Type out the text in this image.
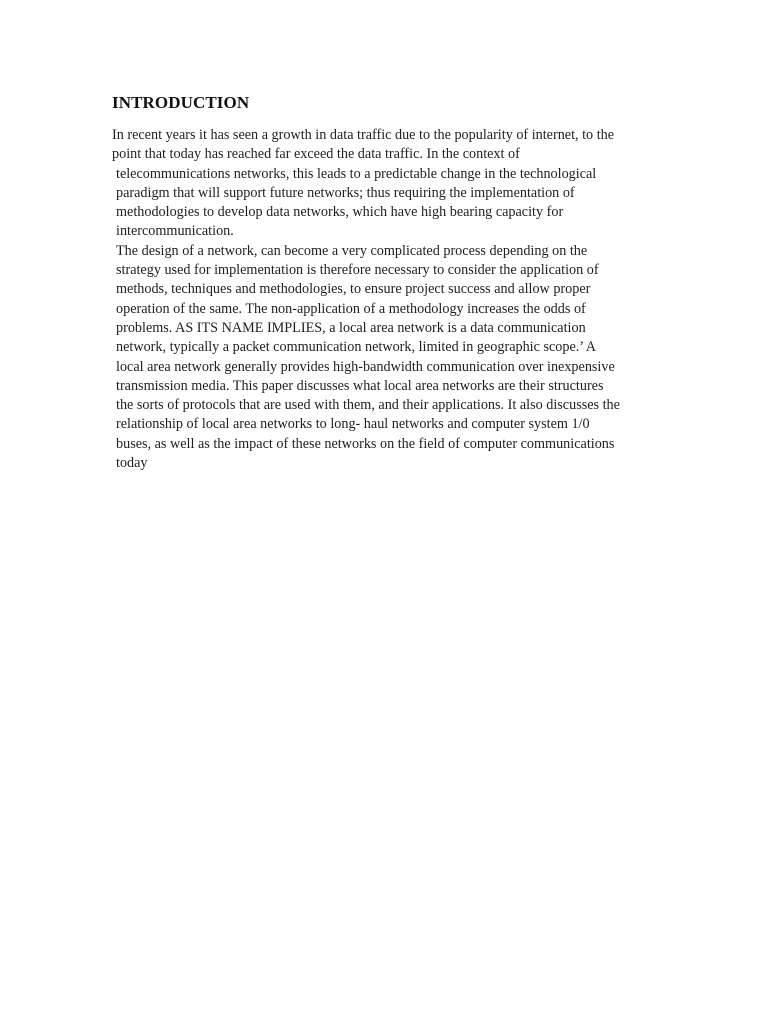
INTRODUCTION
In recent years it has seen a growth in data traffic due to the popularity of internet, to the
point that today has reached far exceed the data traffic. In the context of
telecommunications networks, this leads to a predictable change in the technological
paradigm that will support future networks; thus requiring the implementation of
methodologies to develop data networks, which have high bearing capacity for
intercommunication.
The design of a network, can become a very complicated process depending on the
strategy used for implementation is therefore necessary to consider the application of
methods, techniques and methodologies, to ensure project success and allow proper
operation of the same. The non-application of a methodology increases the odds of
problems. AS ITS NAME IMPLIES, a local area network is a data communication
network, typically a packet communication network, limited in geographic scope.’ A
local area network generally provides high-bandwidth communication over inexpensive
transmission media. This paper discusses what local area networks are their structures
the sorts of protocols that are used with them, and their applications. It also discusses the
relationship of local area networks to long- haul networks and computer system 1/0
buses, as well as the impact of these networks on the field of computer communications
today
